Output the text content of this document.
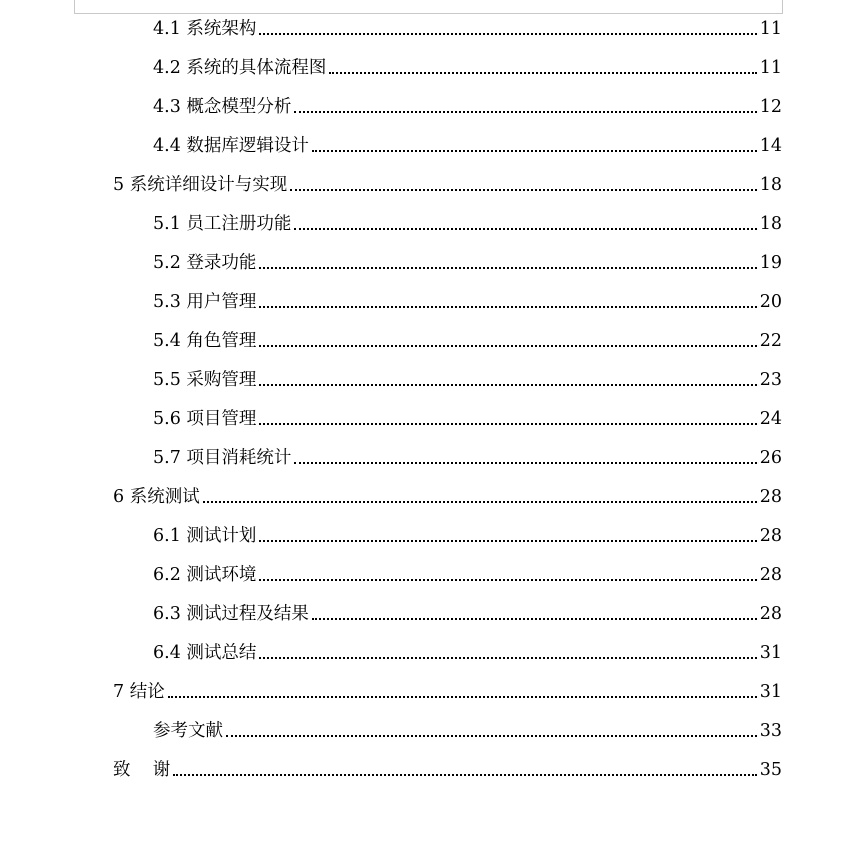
4.1 系统架构	11
4.2 系统的具体流程图	11
4.3 概念模型分析	12
4.4 数据库逻辑设计	14
5 系统详细设计与实现	18
5.1 员工注册功能	18
5.2 登录功能	19
5.3 用户管理	20
5.4 角色管理	22
5.5 采购管理	23
5.6 项目管理	24
5.7 项目消耗统计	26
6 系统测试	28
6.1 测试计划	28
6.2 测试环境	28
6.3 测试过程及结果	28
6.4 测试总结	31
7 结论	31
参考文献	33
致    谢	35
